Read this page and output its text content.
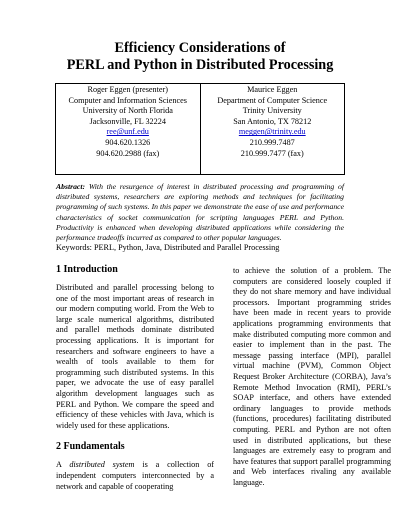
Efficiency Considerations of
PERL and Python in Distributed Processing
Roger Eggen (presenter)
Computer and Information Sciences
University of North Florida
Jacksonville, FL 32224
ree@unf.edu
904.620.1326
904.620.2988 (fax)
Maurice Eggen
Department of Computer Science
Trinity University
San Antonio, TX 78212
meggen@trinity.edu
210.999.7487
210.999.7477 (fax)
Abstract: With the resurgence of interest in distributed processing and programming of distributed systems, researchers are exploring methods and techniques for facilitating programming of such systems. In this paper we demonstrate the ease of use and performance characteristics of socket communication for scripting languages PERL and Python. Productivity is enhanced when developing distributed applications while considering the performance tradeoffs incurred as compared to other popular languages.
Keywords: PERL, Python, Java, Distributed and Parallel Processing
1 Introduction

Distributed and parallel processing belong to one of the most important areas of research in our modern computing world. From the Web to large scale numerical algorithms, distributed and parallel methods dominate distributed processing applications. It is important for researchers and software engineers to have a wealth of tools available to them for programming such distributed systems. In this paper, we advocate the use of easy parallel algorithm development languages such as PERL and Python. We compare the speed and efficiency of these vehicles with Java, which is widely used for these applications.

2 Fundamentals

A distributed system is a collection of independent computers interconnected by a network and capable of cooperating

to achieve the solution of a problem. The computers are considered loosely coupled if they do not share memory and have individual processors. Important programming strides have been made in recent years to provide applications programming environments that make distributed computing more common and easier to implement than in the past. The message passing interface (MPI), parallel virtual machine (PVM), Common Object Request Broker Architecture (CORBA), Java’s Remote Method Invocation (RMI), PERL’s SOAP interface, and others have extended ordinary languages to provide methods (functions, procedures) facilitating distributed computing. PERL and Python are not often used in distributed applications, but these languages are extremely easy to program and have features that support parallel programming and Web interfaces rivaling any available language.
